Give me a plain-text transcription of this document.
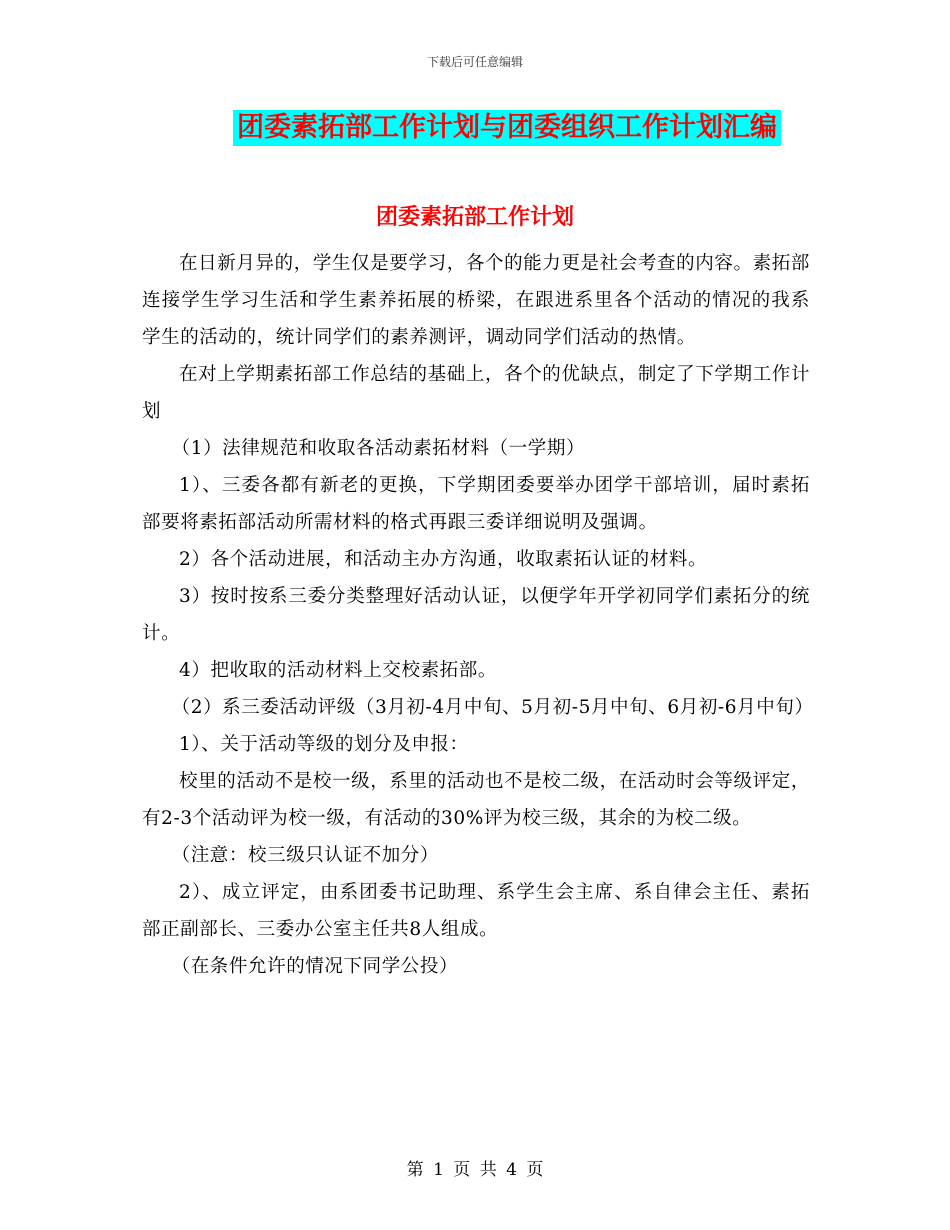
下载后可任意编辑
团委素拓部工作计划与团委组织工作计划汇编
团委素拓部工作计划

在日新月异的，学生仅是要学习，各个的能力更是社会考查的内容。素拓部连接学生学习生活和学生素养拓展的桥梁，在跟进系里各个活动的情况的我系学生的活动的，统计同学们的素养测评，调动同学们活动的热情。

在对上学期素拓部工作总结的基础上，各个的优缺点，制定了下学期工作计划

（1）法律规范和收取各活动素拓材料（一学期）

1）、三委各都有新老的更换，下学期团委要举办团学干部培训，届时素拓部要将素拓部活动所需材料的格式再跟三委详细说明及强调。

2）各个活动进展，和活动主办方沟通，收取素拓认证的材料。

3）按时按系三委分类整理好活动认证，以便学年开学初同学们素拓分的统计。

4）把收取的活动材料上交校素拓部。

（2）系三委活动评级（3月初-4月中旬、5月初-5月中旬、6月初-6月中旬）

1）、关于活动等级的划分及申报：

校里的活动不是校一级，系里的活动也不是校二级，在活动时会等级评定，有2-3个活动评为校一级，有活动的30%评为校三级，其余的为校二级。

（注意：校三级只认证不加分）

2）、成立评定，由系团委书记助理、系学生会主席、系自律会主任、素拓部正副部长、三委办公室主任共8人组成。

（在条件允许的情况下同学公投）

第 1 页 共 4 页
